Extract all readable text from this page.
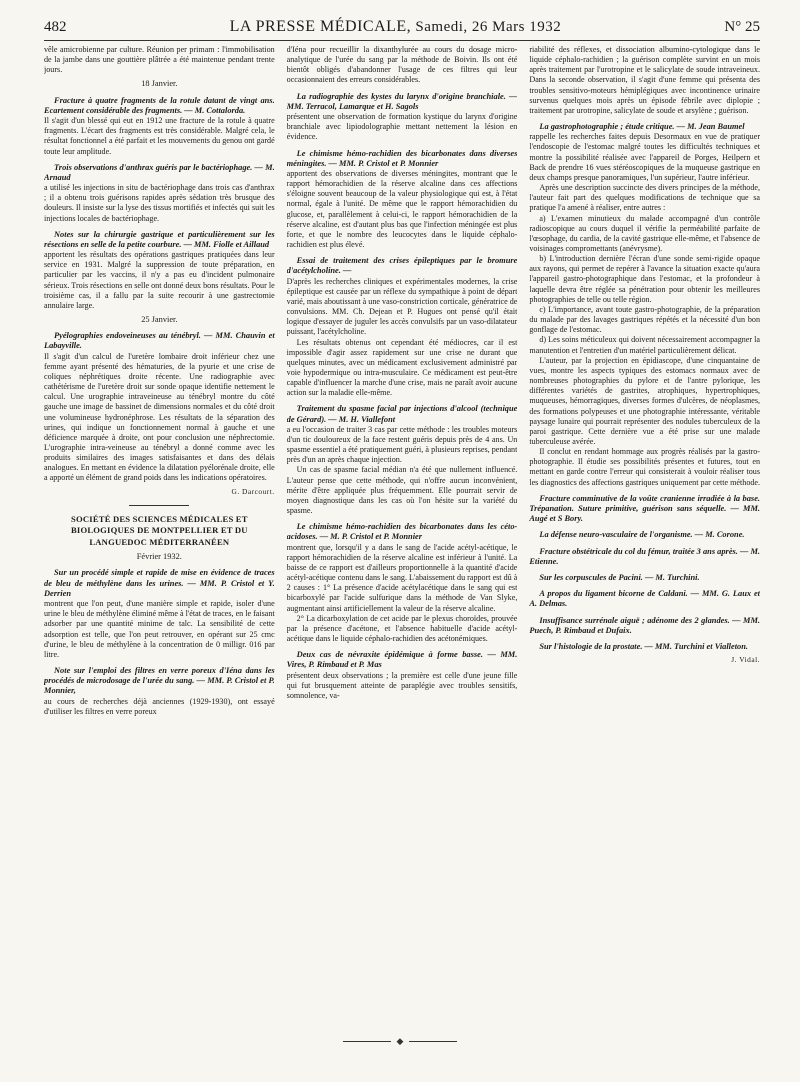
482	LA PRESSE MÉDICALE, Samedi, 26 Mars 1932	N° 25

vêle amicrobienne par culture. Réunion per primam : l'immobilisation de la jambe dans une gouttière plâtrée a été maintenue pendant trente jours.

18 Janvier.
Fracture à quatre fragments de la rotule datant de vingt ans. Ecartement considérable des fragments. — M. Cottalorda.

Il s'agit d'un blessé qui eut en 1912 une fracture de la rotule à quatre fragments. L'écart des fragments est très considérable. Malgré cela, le résultat fonctionnel a été parfait et les mouvements du genou ont gardé toute leur amplitude.

Trois observations d'anthrax guéris par le bactériophage. — M. Arnaud

a utilisé les injections in situ de bactériophage dans trois cas d'anthrax ; il a obtenu trois guérisons rapides après sédation très brusque des douleurs. Il insiste sur la lyse des tissus mortifiés et infectés qui suit les injections locales de bactériophage.

Notes sur la chirurgie gastrique et particulièrement sur les résections en selle de la petite courbure. — MM. Fiolle et Aillaud

apportent les résultats des opérations gastriques pratiquées dans leur service en 1931. Malgré la suppression de toute préparation, en particulier par les vaccins, il n'y a pas eu d'incident pulmonaire sérieux. Trois résections en selle ont donné deux bons résultats. Pour le troisième cas, il a fallu par la suite recourir à une gastrectomie annulaire large.

25 Janvier.
Pyélographies endoveineuses au ténébryl. — MM. Chauvin et Labayville.

Il s'agit d'un calcul de l'uretère lombaire droit inférieur chez une femme ayant présenté des hématuries, de la pyurie et une crise de coliques néphrétiques droite récente. Une radiographie avec cathétérisme de l'uretère droit sur sonde opaque identifie nettement le calcul. Une urographie intraveineuse au ténébryl montre du côté gauche une image de bassinet de dimensions normales et du côté droit une volumineuse hydronéphrose. Les résultats de la séparation des urines, qui indique un fonctionnement normal à gauche et une déficience marquée à droite, ont pour conclusion une néphrectomie. L'urographie intra-veineuse au ténébryl a donné comme avec les produits similaires des images satisfaisantes et dans des délais analogues. En mettant en évidence la dilatation pyélorénale droite, elle a apporté un élément de grand poids dans les indications opératoires.

G. Darcourt.
SOCIÉTÉ DES SCIENCES MÉDICALES ET BIOLOGIQUES DE MONTPELLIER ET DU LANGUEDOC MÉDITERRANÉEN
Février 1932.
Sur un procédé simple et rapide de mise en évidence de traces de bleu de méthylène dans les urines. — MM. P. Cristol et Y. Derrien

montrent que l'on peut, d'une manière simple et rapide, isoler d'une urine le bleu de méthylène éliminé même à l'état de traces, en le faisant adsorber par une quantité minime de talc. La sensibilité de cette adsorption est telle, que l'on peut retrouver, en opérant sur 25 cmc d'urine, le bleu de méthylène à la concentration de 0 milligr. 016 par litre.

Note sur l'emploi des filtres en verre poreux d'Iéna dans les procédés de microdosage de l'urée du sang. — MM. P. Cristol et P. Monnier,

au cours de recherches déjà anciennes (1929-1930), ont essayé d'utiliser les filtres en verre poreux

d'Iéna pour recueillir la dixanthylurée au cours du dosage micro-analytique de l'urée du sang par la méthode de Boivin. Ils ont été bientôt obligés d'abandonner l'usage de ces filtres qui leur occasionnaient des erreurs considérables.

La radiographie des kystes du larynx d'origine branchiale. — MM. Terracol, Lamarque et H. Sagols

présentent une observation de formation kystique du larynx d'origine branchiale avec lipiodolographie mettant nettement la lésion en évidence.

Le chimisme hémo-rachidien des bicarbonates dans diverses méningites. — MM. P. Cristol et P. Monnier

apportent des observations de diverses méningites, montrant que le rapport hémorachidien de la réserve alcaline dans ces affections s'éloigne souvent beaucoup de la valeur physiologique qui est, à l'état normal, égale à l'unité. De même que le rapport hémorachidien du glucose, et, parallèlement à celui-ci, le rapport hémorachidien de la réserve alcaline, est d'autant plus bas que l'infection méningée est plus forte, et que le nombre des leucocytes dans le liquide céphalo-rachidien est plus élevé.

Essai de traitement des crises épileptiques par le bromure d'acétylcholine. —

D'après les recherches cliniques et expérimentales modernes, la crise épileptique est causée par un réflexe du sympathique à point de départ varié, mais aboutissant à une vaso-constriction corticale, génératrice de convulsions. MM. Ch. Dejean et P. Hugues ont pensé qu'il était logique d'essayer de juguler les accès convulsifs par un vaso-dilatateur puissant, l'acétylcholine.

Les résultats obtenus ont cependant été médiocres, car il est impossible d'agir assez rapidement sur une crise ne durant que quelques minutes, avec un médicament exclusivement administré par voie hypodermique ou intra-musculaire. Ce médicament est peut-être capable d'influencer la marche d'une crise, mais ne paraît avoir aucune action sur la maladie elle-même.

Traitement du spasme facial par injections d'alcool (technique de Gérard). — M. H. Viallefont

a eu l'occasion de traiter 3 cas par cette méthode : les troubles moteurs d'un tic douloureux de la face restent guéris depuis près de 4 ans. Un spasme essentiel a été pratiquement guéri, à plusieurs reprises, pendant près d'un an après chaque injection.

Un cas de spasme facial médian n'a été que nullement influencé. L'auteur pense que cette méthode, qui n'offre aucun inconvénient, mérite d'être appliquée plus fréquemment. Elle pourrait servir de moyen diagnostique dans les cas où l'on hésite sur la variété du spasme.

Le chimisme hémo-rachidien des bicarbonates dans les céto-acidoses. — M. P. Cristol et P. Monnier

montrent que, lorsqu'il y a dans le sang de l'acide acétyl-acétique, le rapport hémorachidien de la réserve alcaline est inférieur à l'unité. La baisse de ce rapport est d'ailleurs proportionnelle à la quantité d'acide acétyl-acétique contenu dans le sang. L'abaissement du rapport est dû à 2 causes : 1° La présence d'acide acétylacétique dans le sang qui est bicarboxylé par l'acide sulfurique dans la méthode de Van Slyke, augmentant ainsi artificiellement la valeur de la réserve alcaline.

2° La dicarboxylation de cet acide par le plexus choroïdes, prouvée par la présence d'acétone, et l'absence habituelle d'acide acétyl-acétique dans le liquide céphalo-rachidien des acétonémiques.

Deux cas de névraxite épidémique à forme basse. — MM. Vires, P. Rimbaud et P. Mas

présentent deux observations ; la première est celle d'une jeune fille qui fut brusquement atteinte de paraplégie avec troubles sensitifs, somnolence, va-

riabilité des réflexes, et dissociation albumino-cytologique dans le liquide céphalo-rachidien ; la guérison complète survint en un mois après traitement par l'urotropine et le salicylate de soude intraveineux. Dans la seconde observation, il s'agit d'une femme qui présenta des troubles sensitivo-moteurs hémiplégiques avec incontinence urinaire survenus quelques mois après un épisode fébrile avec diplopie ; traitement par urotropine, salicylate de soude et arsylène ; guérison.

La gastrophotographie ; étude critique. — M. Jean Baumel

rappelle les recherches faites depuis Desormaux en vue de pratiquer l'endoscopie de l'estomac malgré toutes les difficultés techniques et montre la possibilité réalisée avec l'appareil de Porges, Heilpern et Back de prendre 16 vues stéréoscopiques de la muqueuse gastrique en deux champs presque panoramiques, l'un supérieur, l'autre inférieur.

Après une description succincte des divers principes de la méthode, l'auteur fait part des quelques modifications de technique que sa pratique l'a amené à réaliser, entre autres :

a) L'examen minutieux du malade accompagné d'un contrôle radioscopique au cours duquel il vérifie la perméabilité parfaite de l'œsophage, du cardia, de la cavité gastrique elle-même, et l'absence de voisinages compromettants (anévrysme).

b) L'introduction dernière l'écran d'une sonde semi-rigide opaque aux rayons, qui permet de repérer à l'avance la situation exacte qu'aura l'appareil gastro-photographique dans l'estomac, et la profondeur à laquelle devra être réglée sa pénétration pour obtenir les meilleures photographies de telle ou telle région.

c) L'importance, avant toute gastro-photographie, de la préparation du malade par des lavages gastriques répétés et la nécessité d'un bon gonflage de l'estomac.

d) Les soins méticuleux qui doivent nécessairement accompagner la manutention et l'entretien d'un matériel particulièrement délicat.

L'auteur, par la projection en épidiascope, d'une cinquantaine de vues, montre les aspects typiques des estomacs normaux avec de nombreuses photographies du pylore et de l'antre pylorique, les différentes variétés de gastrites, atrophiques, hypertrophiques, muqueuses, hémorragiques, diverses formes d'ulcères, de néoplasmes, des formations polypeuses et une photographie intéressante, véritable paysage lunaire qui pourrait représenter des nodules tuberculeux de la paroi gastrique. Cette dernière vue a été prise sur une malade tuberculeuse avérée.

Il conclut en rendant hommage aux progrès réalisés par la gastro-photographie. Il étudie ses possibilités présentes et futures, tout en mettant en garde contre l'erreur qui consisterait à vouloir réaliser tous les diagnostics des affections gastriques uniquement par cette méthode.

Fracture comminutive de la voûte cranienne irradiée à la base. Trépanation. Suture primitive, guérison sans séquelle. — MM. Augé et S Bory.
La défense neuro-vasculaire de l'organisme. — M. Corone.
Fracture obstétricale du col du fémur, traitée 3 ans après. — M. Etienne.
Sur les corpuscules de Pacini. — M. Turchini.
A propos du ligament bicorne de Caldani. — MM. G. Laux et A. Delmas.
Insuffisance surrénale aiguë ; adénome des 2 glandes. — MM. Puech, P. Rimbaud et Dufaix.
Sur l'histologie de la prostate. — MM. Turchini et Vialleton.
J. Vidal.
◆
